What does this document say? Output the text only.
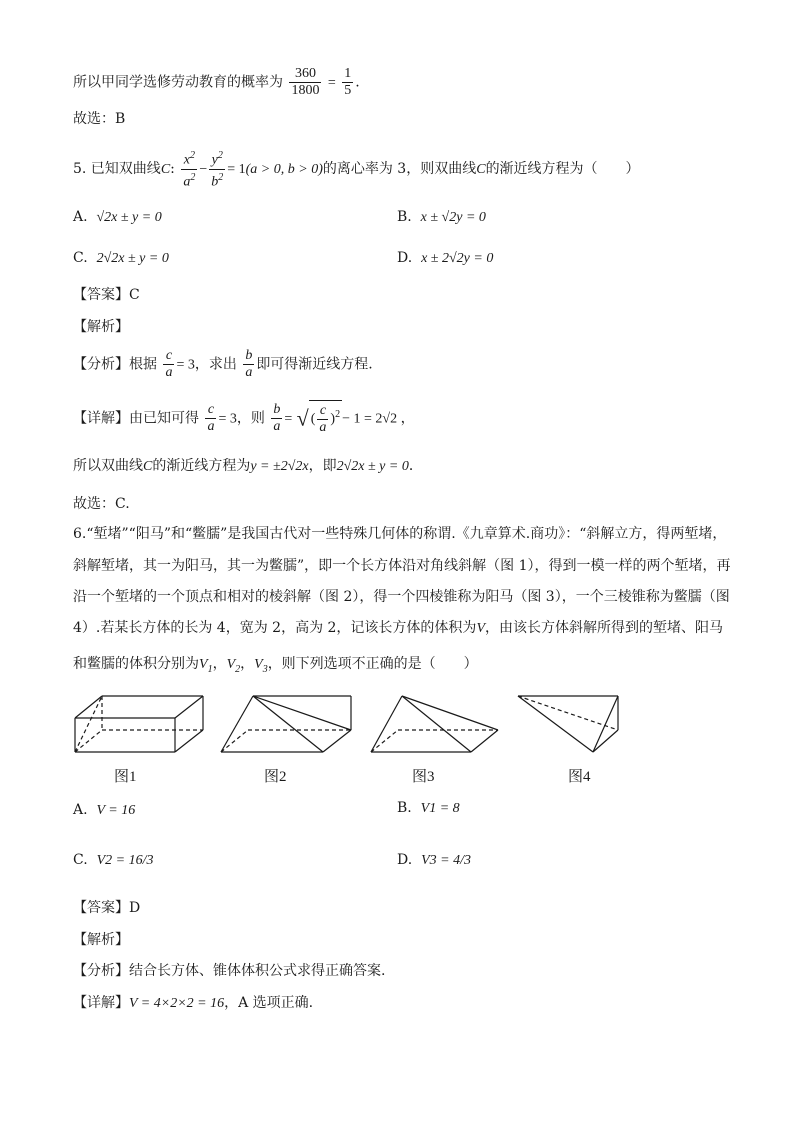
所以甲同学选修劳动教育的概率为 $\frac{360}{1800} = \frac{1}{5}$ .
故选：B
5. 已知双曲线C: $\frac{x^2}{a^2} - \frac{y^2}{b^2} = 1(a > 0$, b > 0)的离心率为 3，则双曲线C的渐近线方程为（　　）
A. √2x ± y = 0	B. x ± √2y = 0
C. 2√2x ± y = 0	D. x ± 2√2y = 0
【答案】C
【解析】
【分析】根据 $\frac{c}{a} = 3$，求出 $\frac{b}{a}$ 即可得渐近线方程.
【详解】由已知可得 $\frac{c}{a} = 3$，则 $\frac{b}{a}$ = √ ( $\frac{c}{a} )^2 - 1 = 2√2$ ，
所以双曲线C的渐近线方程为y = ±2√2x，即2√2x ± y = 0．
故选：C.
6.“堑堵”“阳马”和“鳖臑”是我国古代对一些特殊几何体的称谓.《九章算术.商功》：“斜解立方，得两堑堵，
斜解堑堵，其一为阳马，其一为鳖臑”，即一个长方体沿对角线斜解（图 1），得到一模一样的两个堑堵，再
沿一个堑堵的一个顶点和相对的棱斜解（图 2），得一个四棱锥称为阳马（图 3），一个三棱锥称为鳖臑（图
4）.若某长方体的长为 4，宽为 2，高为 2，记该长方体的体积为V，由该长方体斜解所得到的堑堵、阳马
和鳖臑的体积分别为$V_1$，$V_2$，$V_3$，则下列选项不正确的是（　　）
图1	图2	图3	图4
A. V = 16	B. V1 = 8
C. V2 = 16/3	D. V3 = 4/3
【答案】D
【解析】
【分析】结合长方体、锥体体积公式求得正确答案.
【详解】V = 4×2×2 = 16，A 选项正确.
